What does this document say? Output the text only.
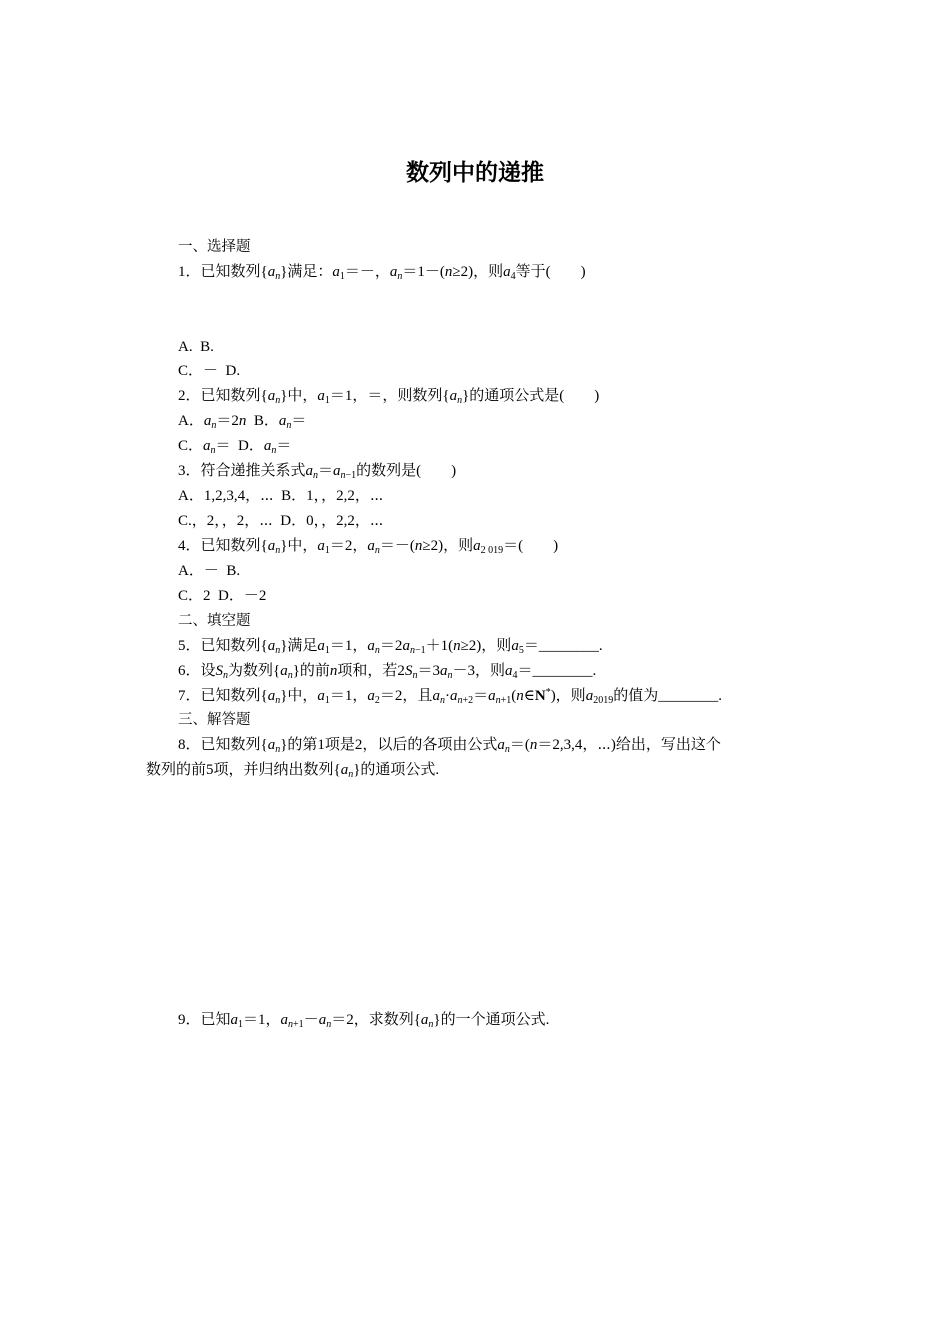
数列中的递推
一、选择题
1．已知数列$\{a_n\}$满足：$a_1=-$，$a_n=1-(n\ge 2)$，则$a_4$等于(　　)
A.  B.
C．－  D.
2．已知数列$\{a_n\}$中，$a_1=1$，＝，则数列$\{a_n\}$的通项公式是(　　)
A．$a_n=2n$  B．$a_n=$
C．$a_n= D$．$a_n=$
3．符合递推关系式$a_n=a_{n-1}$的数列是(　　)
A．1,2,3,4，⋯  B．1，，2,2，⋯
C.，2，，2，⋯  D．0，，2,2，⋯
4．已知数列$\{a_n\}$中，$a_1=2$，$a_n=-(n\ge 2)$，则$a_{2 019}=$(　　)
A．－  B.
C．2  D．－2
二、填空题
5．已知数列$\{a_n\}$满足$a_1=1$，$a_n=2a_{n-1}+1(n\ge 2)$，则$a_5=\_\_\_\_\_\_\_\_$.
6．设$S_n$为数列$\{a_n\}$的前n项和，若$2S_n=3a_n-3$，则$a_4=\_\_\_\_\_\_\_\_$.
7．已知数列$\{a_n\}$中，$a_1=1$，$a_2=2$，且$a_n\cdot a_{n+2}=a_{n+1}(n\in N^*)$，则$a_{2019}$的值为________.
三、解答题
8．已知数列$\{a_n\}$的第1项是2，以后的各项由公式$a_n=(n=2,3,4$，⋯)给出，写出这个
数列的前5项，并归纳出数列$\{a_n\}$的通项公式.
9．已知$a_1=1$，$a_{n+1}-a_n=2$，求数列$\{a_n\}$的一个通项公式.
